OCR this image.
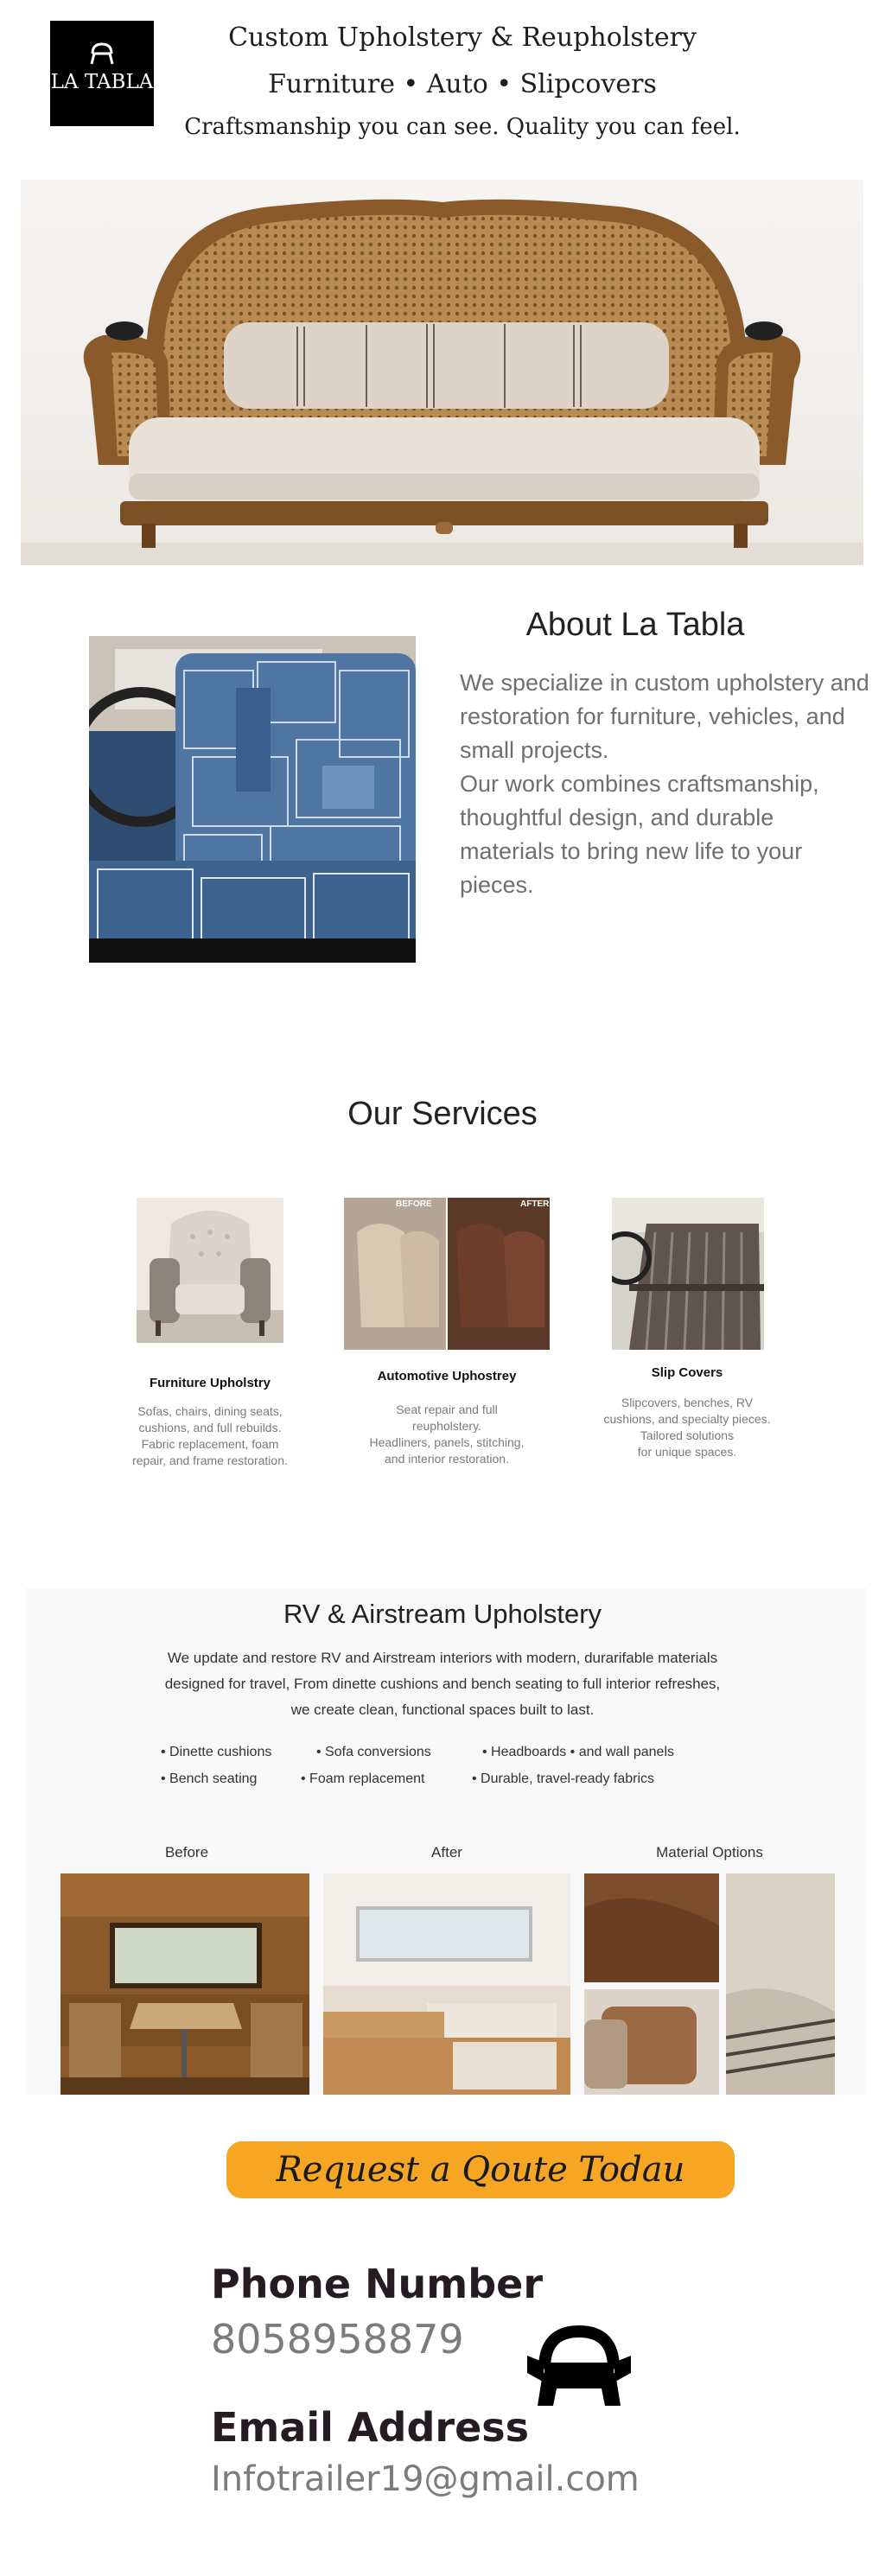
LA TABLA
Custom Upholstery & Reupholstery
Furniture • Auto • Slipcovers
Craftsmanship you can see. Quality you can feel.
About La Tabla
We specialize in custom upholstery and restoration for furniture, vehicles, and small projects.
Our work combines craftsmanship, thoughtful design, and durable materials to bring new life to your pieces.
Our Services
Furniture Upholstry
Sofas, chairs, dining seats,
cushions, and full rebuilds.
Fabric replacement, foam
repair, and frame restoration.
BEFORE	AFTER
Automotive Uphostrey
Seat repair and full
reupholstery.
Headliners, panels, stitching,
and interior restoration.
Slip Covers
Slipcovers, benches, RV
cushions, and specialty pieces.
Tailored solutions
for unique spaces.
RV & Airstream Upholstery
We update and restore RV and Airstream interiors with modern, durarifable materials
designed for travel, From dinette cushions and bench seating to full interior refreshes,
we create clean, functional spaces built to last.
• Dinette cushions	• Sofa conversions	• Headboards • and wall panels
• Bench seating	• Foam replacement	• Durable, travel-ready fabrics
Before	After	Material Options
Request a Qoute Todau
Phone Number
8058958879
Email Address
Infotrailer19@gmail.com
